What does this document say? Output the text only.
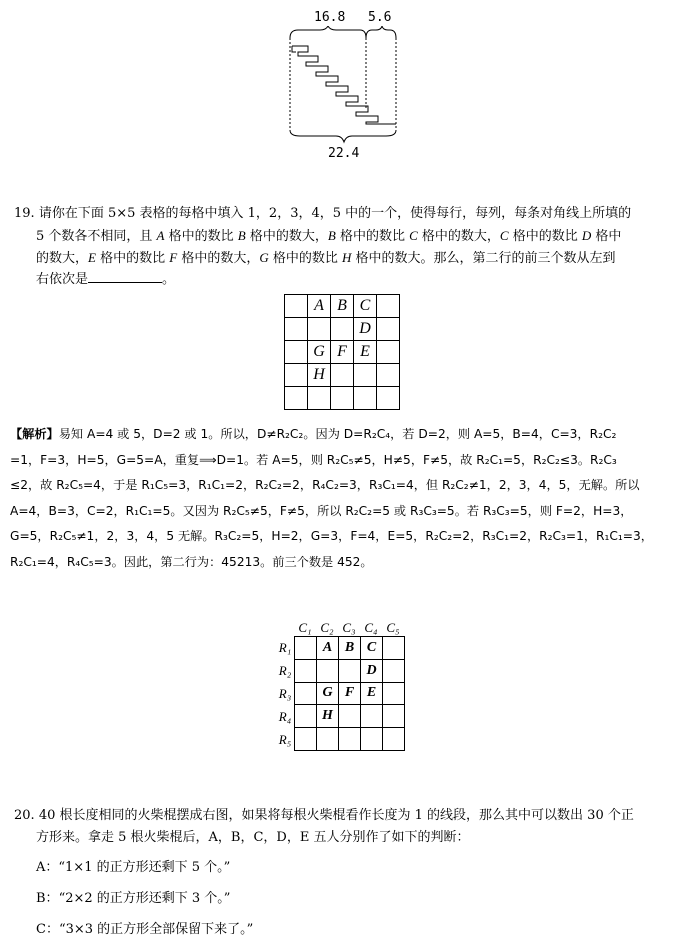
16.8 5.6
22.4

19. 请你在下面 5×5 表格的每格中填入 1，2，3，4，5 中的一个，使得每行，每列，每条对角线上所填的

5 个数各不相同，且 A 格中的数比 B 格中的数大，B 格中的数比 C 格中的数大，C 格中的数比 D 格中

的数大，E 格中的数比 F 格中的数大，G 格中的数比 H 格中的数大。那么，第二行的前三个数从左到

右依次是	。

	A	B	C	
			D	
	G	F	E	
	H			

【解析】易知 A=4 或 5，D=2 或 1。所以，D≠R₂C₂。因为 D=R₂C₄，若 D=2，则 A=5，B=4，C=3，R₂C₂
=1，F=3，H=5，G=5=A，重复⟹D=1。若 A=5，则 R₂C₅≠5，H≠5，F≠5，故 R₂C₁=5，R₂C₂≤3。R₂C₃
≤2，故 R₂C₅=4，于是 R₁C₅=3，R₁C₁=2，R₂C₂=2，R₄C₂=3，R₃C₁=4，但 R₂C₂≠1，2，3，4，5，无解。所以
A=4，B=3，C=2，R₁C₁=5。又因为 R₂C₅≠5，F≠5，所以 R₂C₂=5 或 R₃C₃=5。若 R₃C₃=5，则 F=2，H=3，
G=5，R₂C₅≠1，2，3，4，5 无解。R₃C₂=5，H=2，G=3，F=4，E=5，R₂C₂=2，R₃C₁=2，R₂C₃=1，R₁C₁=3，
R₂C₁=4，R₄C₅=3。因此，第二行为：45213。前三个数是 452。
C₁ C₂ C₃ C₄ C₅
R₁
R₂
R₃
R₄
R₅
	A	B	C	
			D	
	G	F	E	
	H			

20. 40 根长度相同的火柴棍摆成右图，如果将每根火柴棍看作长度为 1 的线段，那么其中可以数出 30 个正

方形来。拿走 5 根火柴棍后，A，B，C，D，E 五人分别作了如下的判断：

A：“1×1 的正方形还剩下 5 个。”

B：“2×2 的正方形还剩下 3 个。”

C：“3×3 的正方形全部保留下来了。”
